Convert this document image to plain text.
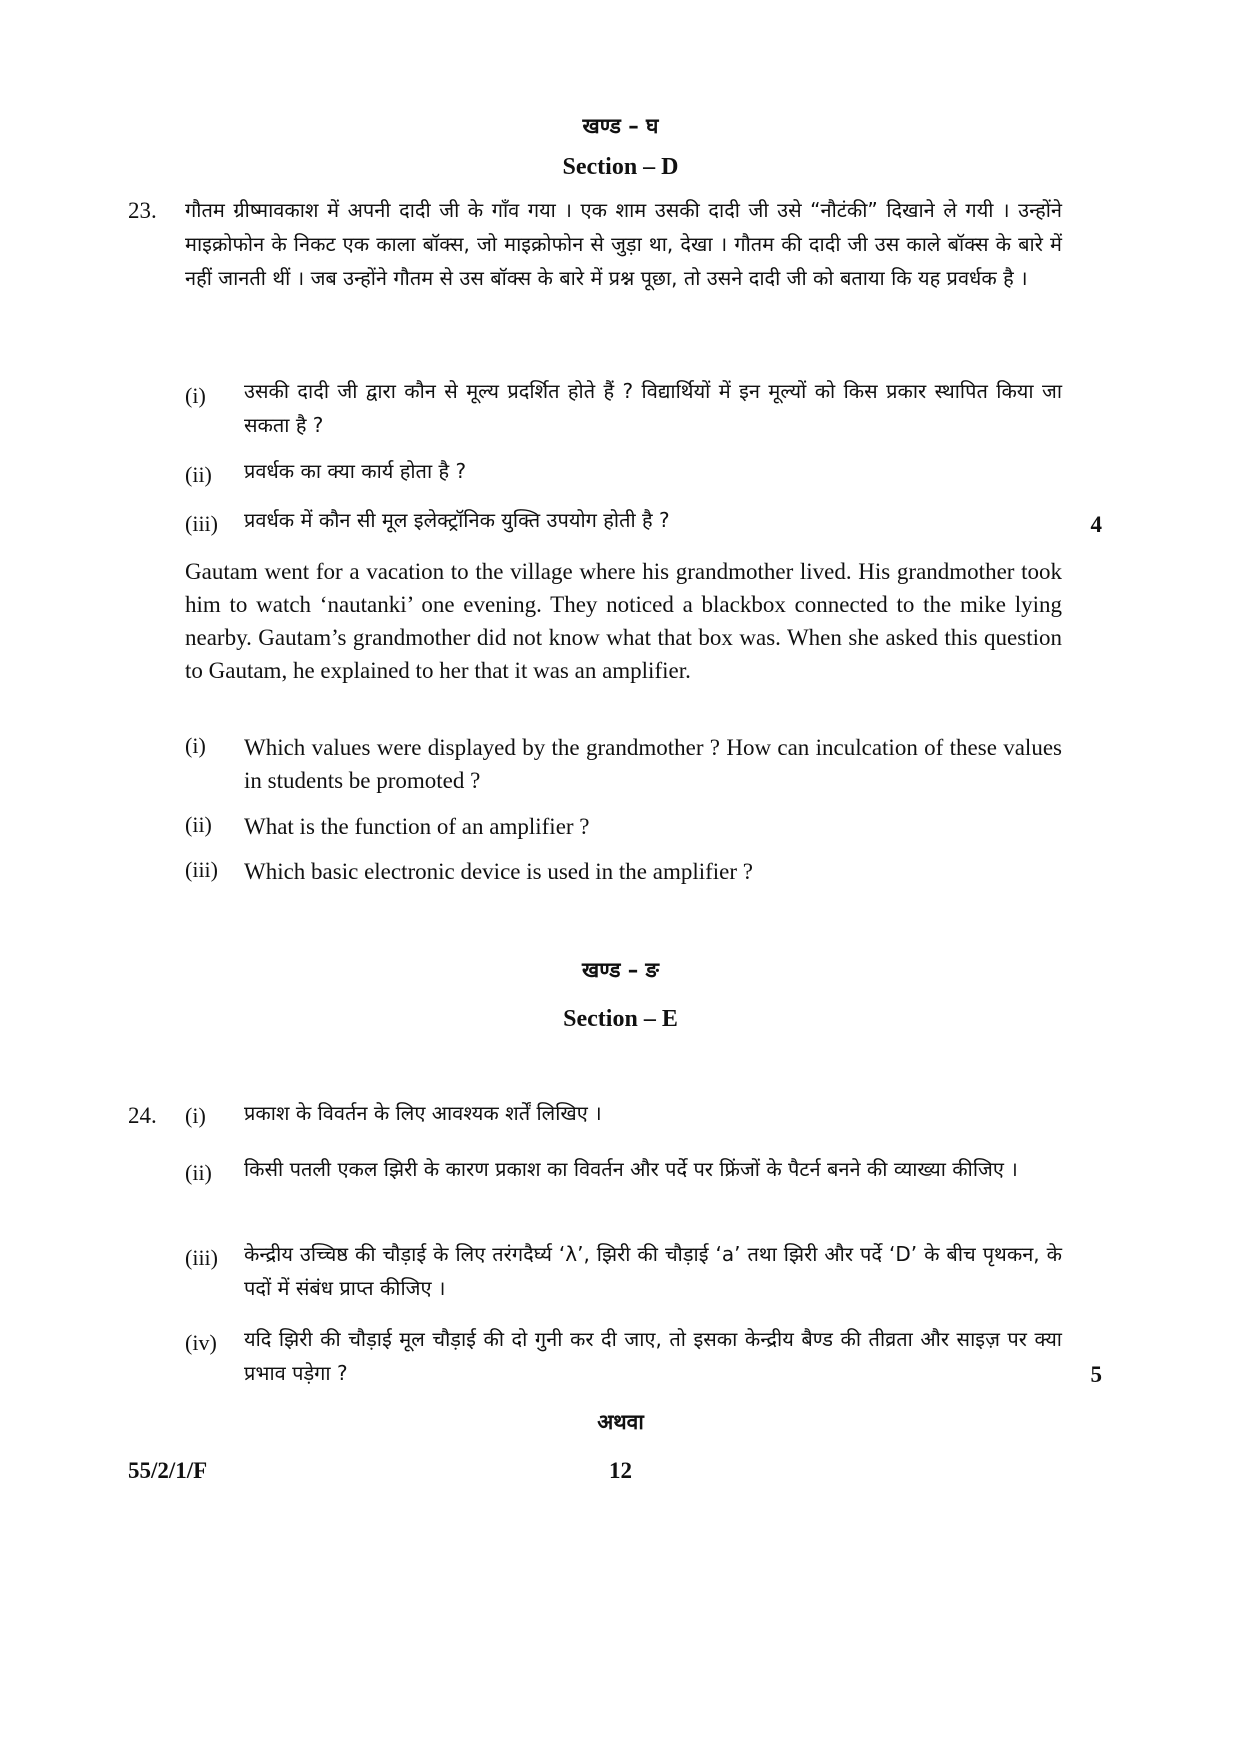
खण्ड – घ
Section – D
23. गौतम ग्रीष्मावकाश में अपनी दादी जी के गाँव गया । एक शाम उसकी दादी जी उसे “नौटंकी” दिखाने ले गयी । उन्होंने माइक्रोफोन के निकट एक काला बॉक्स, जो माइक्रोफोन से जुड़ा था, देखा । गौतम की दादी जी उस काले बॉक्स के बारे में नहीं जानती थीं । जब उन्होंने गौतम से उस बॉक्स के बारे में प्रश्न पूछा, तो उसने दादी जी को बताया कि यह प्रवर्धक है ।
(i) उसकी दादी जी द्वारा कौन से मूल्य प्रदर्शित होते हैं ? विद्यार्थियों में इन मूल्यों को किस प्रकार स्थापित किया जा सकता है ?
(ii) प्रवर्धक का क्या कार्य होता है ?
(iii) प्रवर्धक में कौन सी मूल इलेक्ट्रॉनिक युक्ति उपयोग होती है ?	4
Gautam went for a vacation to the village where his grandmother lived. His grandmother took him to watch ‘nautanki’ one evening. They noticed a blackbox connected to the mike lying nearby. Gautam’s grandmother did not know what that box was. When she asked this question to Gautam, he explained to her that it was an amplifier.
(i) Which values were displayed by the grandmother ? How can inculcation of these values in students be promoted ?
(ii) What is the function of an amplifier ?
(iii) Which basic electronic device is used in the amplifier ?
खण्ड – ङ
Section – E
24. (i) प्रकाश के विवर्तन के लिए आवश्यक शर्तें लिखिए ।
(ii) किसी पतली एकल झिरी के कारण प्रकाश का विवर्तन और पर्दे पर फ्रिंजों के पैटर्न बनने की व्याख्या कीजिए ।
(iii) केन्द्रीय उच्चिष्ठ की चौड़ाई के लिए तरंगदैर्घ्य ‘λ’, झिरी की चौड़ाई ‘a’ तथा झिरी और पर्दे ‘D’ के बीच पृथकन, के पदों में संबंध प्राप्त कीजिए ।
(iv) यदि झिरी की चौड़ाई मूल चौड़ाई की दो गुनी कर दी जाए, तो इसका केन्द्रीय बैण्ड की तीव्रता और साइज़ पर क्या प्रभाव पड़ेगा ?	5
अथवा
55/2/1/F	12
